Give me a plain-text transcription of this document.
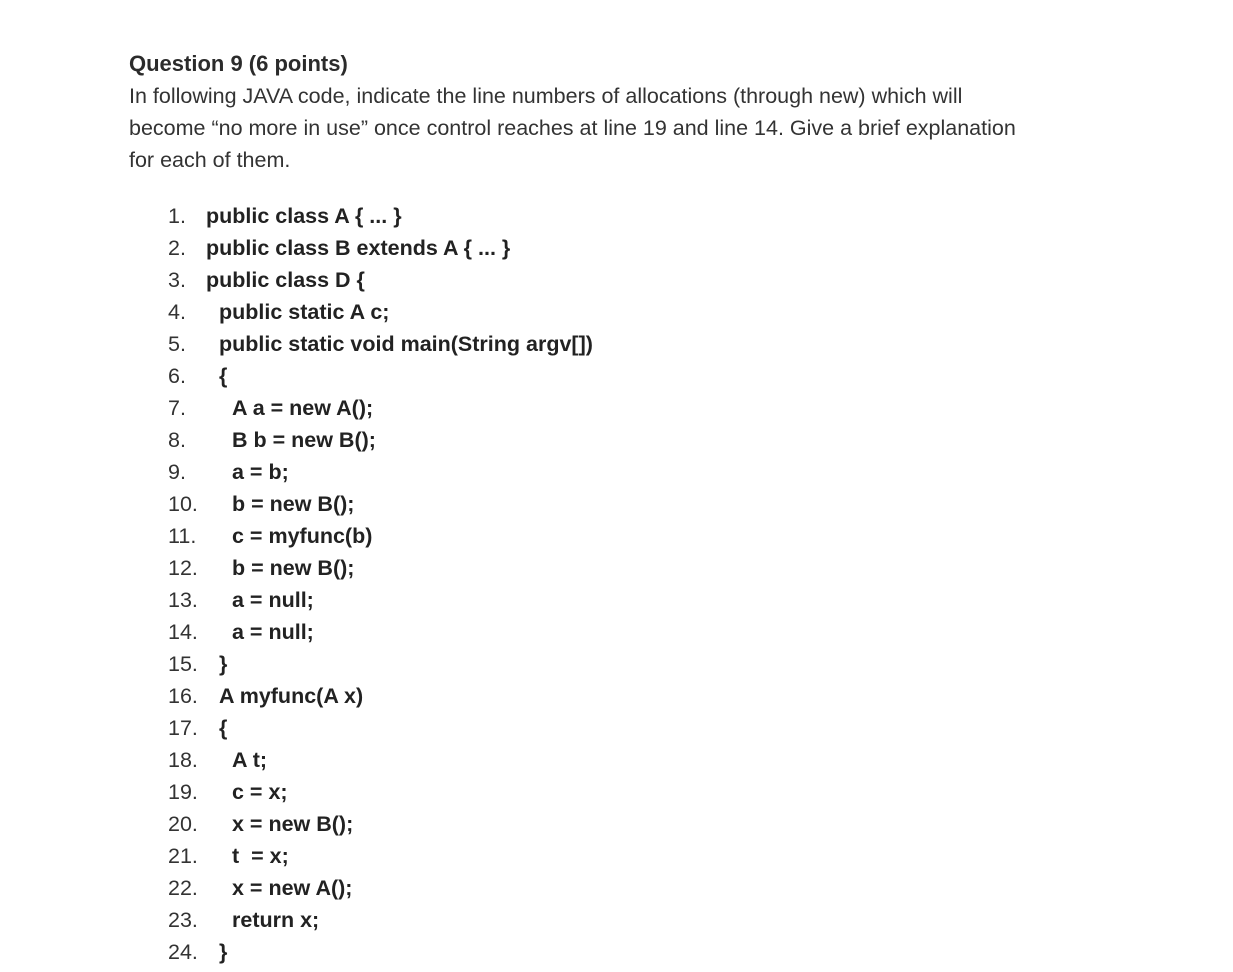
Question 9 (6 points)

In following JAVA code, indicate the line numbers of allocations (through new) which will

become “no more in use” once control reaches at line 19 and line 14. Give a brief explanation

for each of them.

1. public class A { ... }
2. public class B extends A { ... }
3. public class D {
4. public static A c;
5. public static void main(String argv[])
6. {
7. A a = new A();
8. B b = new B();
9. a = b;
10. b = new B();
11. c = myfunc(b)
12. b = new B();
13. a = null;
14. a = null;
15. }
16. A myfunc(A x)
17. {
18. A t;
19. c = x;
20. x = new B();
21. t  = x;
22. x = new A();
23. return x;
24. }
